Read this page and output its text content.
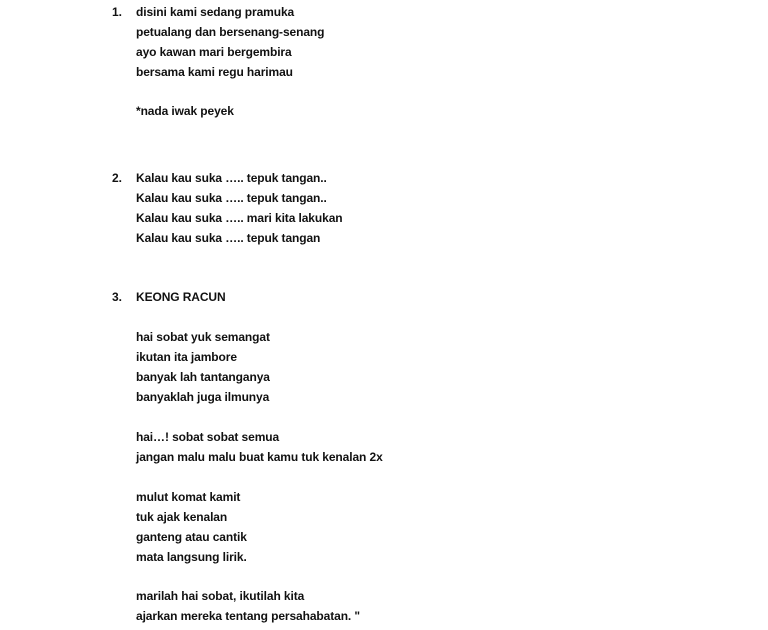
1.	disini kami sedang pramuka
petualang dan bersenang-senang
ayo kawan mari bergembira
bersama kami regu harimau
*nada iwak peyek
2.	Kalau kau suka ….. tepuk tangan..
Kalau kau suka ….. tepuk tangan..
Kalau kau suka ….. mari kita lakukan
Kalau kau suka ….. tepuk tangan
3.	KEONG RACUN
hai sobat yuk semangat
ikutan ita jambore
banyak lah tantanganya
banyaklah juga ilmunya
hai…! sobat sobat semua
jangan malu malu buat kamu tuk kenalan 2x
mulut komat kamit
tuk ajak kenalan
ganteng atau cantik
mata langsung lirik.
marilah hai sobat, ikutilah kita
ajarkan mereka tentang persahabatan. "
